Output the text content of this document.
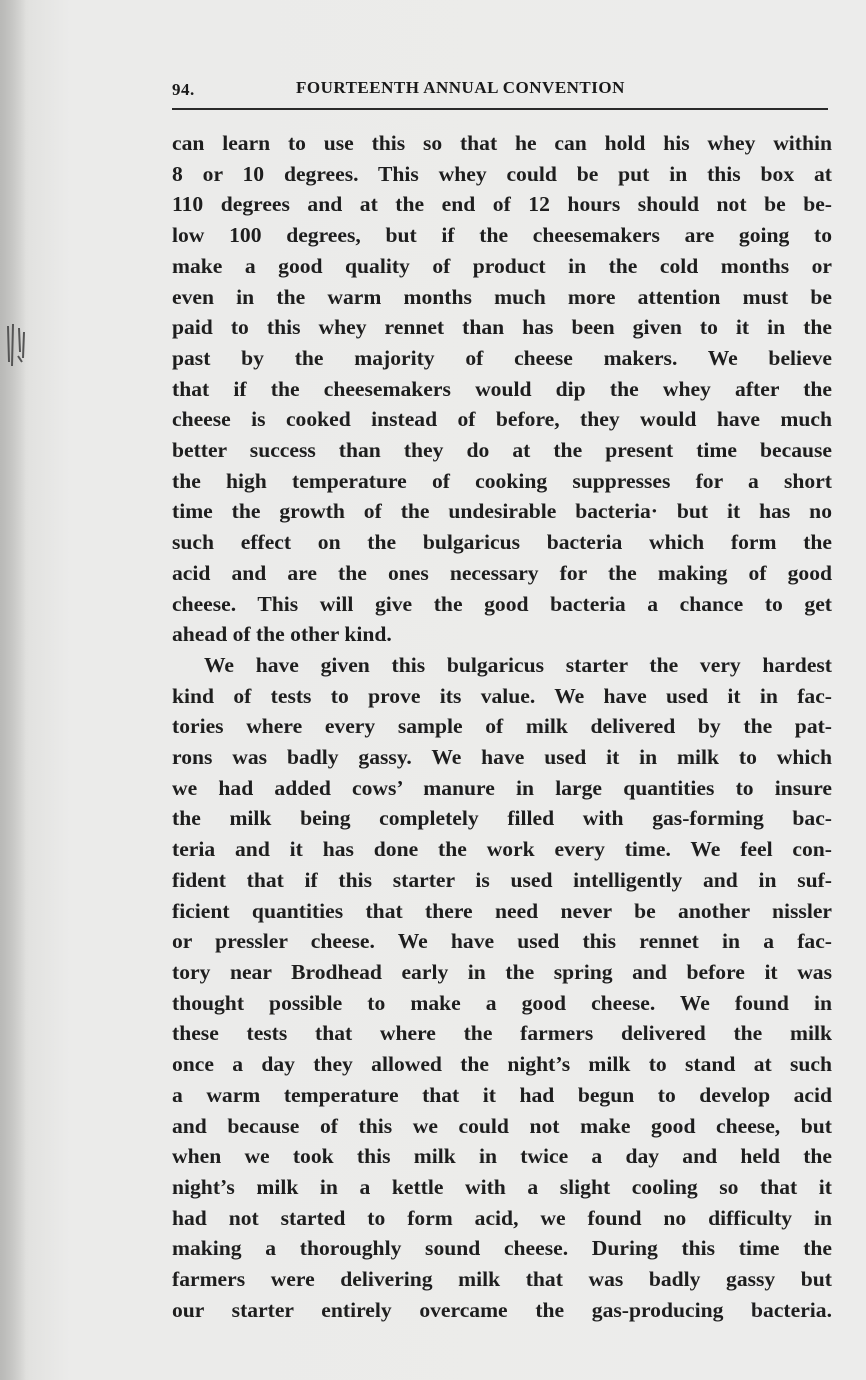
94.	FOURTEENTH ANNUAL CONVENTION
can learn to use this so that he can hold his whey within
8 or 10 degrees. This whey could be put in this box at
110 degrees and at the end of 12 hours should not be be-
low 100 degrees, but if the cheesemakers are going to
make a good quality of product in the cold months or
even in the warm months much more attention must be
paid to this whey rennet than has been given to it in the
past by the majority of cheese makers. We believe
that if the cheesemakers would dip the whey after the
cheese is cooked instead of before, they would have much
better success than they do at the present time because
the high temperature of cooking suppresses for a short
time the growth of the undesirable bacteria· but it has no
such effect on the bulgaricus bacteria which form the
acid and are the ones necessary for the making of good
cheese. This will give the good bacteria a chance to get
ahead of the other kind.
We have given this bulgaricus starter the very hardest
kind of tests to prove its value. We have used it in fac-
tories where every sample of milk delivered by the pat-
rons was badly gassy. We have used it in milk to which
we had added cows’ manure in large quantities to insure
the milk being completely filled with gas-forming bac-
teria and it has done the work every time. We feel con-
fident that if this starter is used intelligently and in suf-
ficient quantities that there need never be another nissler
or pressler cheese. We have used this rennet in a fac-
tory near Brodhead early in the spring and before it was
thought possible to make a good cheese. We found in
these tests that where the farmers delivered the milk
once a day they allowed the night’s milk to stand at such
a warm temperature that it had begun to develop acid
and because of this we could not make good cheese, but
when we took this milk in twice a day and held the
night’s milk in a kettle with a slight cooling so that it
had not started to form acid, we found no difficulty in
making a thoroughly sound cheese. During this time the
farmers were delivering milk that was badly gassy but
our starter entirely overcame the gas-producing bacteria.
